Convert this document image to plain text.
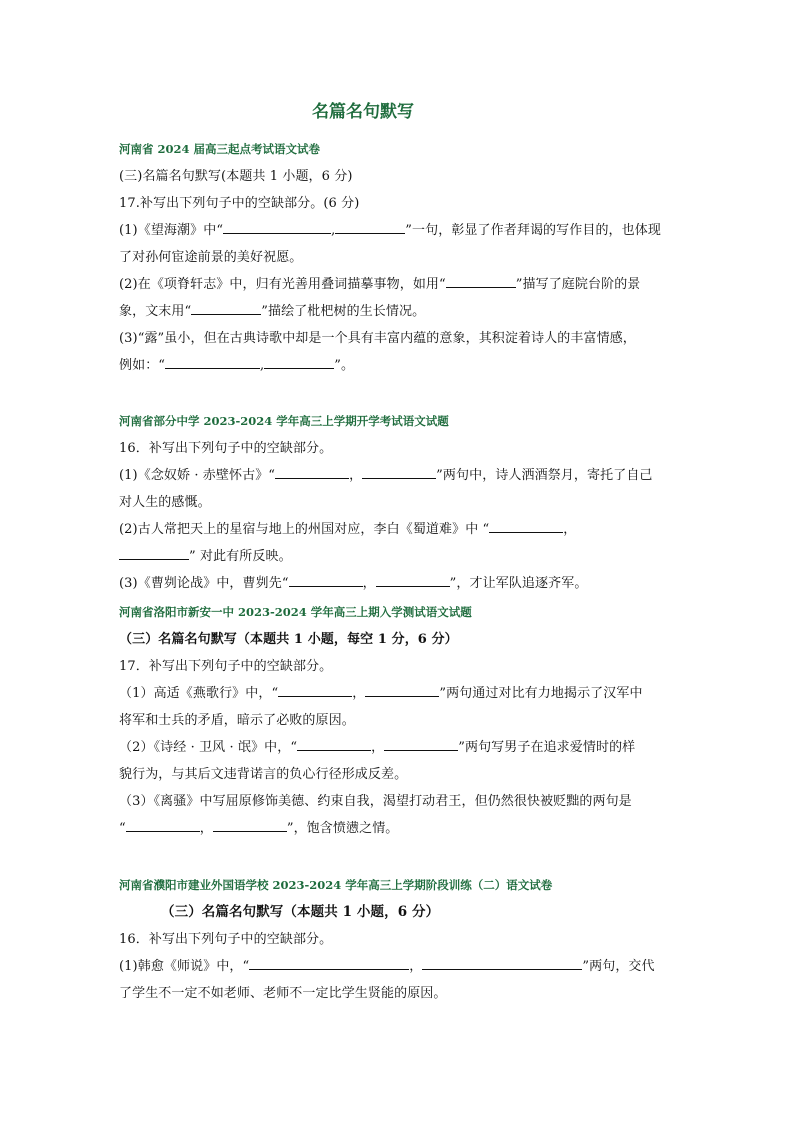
名篇名句默写

河南省 2024 届高三起点考试语文试卷

(三)名篇名句默写(本题共 1 小题，6 分)

17.补写出下列句子中的空缺部分。(6 分)

(1)《望海潮》中“	,	”一句，彰显了作者拜谒的写作目的，也体现

了对孙何宦途前景的美好祝愿。

(2)在《项脊轩志》中，归有光善用叠词描摹事物，如用“	”描写了庭院台阶的景

象，文末用“	”描绘了枇杷树的生长情况。

(3)“露”虽小，但在古典诗歌中却是一个具有丰富内蕴的意象，其积淀着诗人的丰富情感，

例如：“	,	”。

河南省部分中学 2023-2024 学年高三上学期开学考试语文试题

16．补写出下列句子中的空缺部分。

(1)《念奴娇 · 赤壁怀古》“	，	”两句中，诗人洒酒祭月，寄托了自己

对人生的感慨。

(2)古人常把天上的星宿与地上的州国对应，李白《蜀道难》中 “	，

” 对此有所反映。

(3)《曹刿论战》中，曹刿先“	，	”，才让军队追逐齐军。

河南省洛阳市新安一中 2023-2024 学年高三上期入学测试语文试题

（三）名篇名句默写（本题共 1 小题，每空 1 分，6 分）

17．补写出下列句子中的空缺部分。

（1）高适《燕歌行》中，“	，	”两句通过对比有力地揭示了汉军中

将军和士兵的矛盾，暗示了必败的原因。

（2）《诗经 · 卫风 · 氓》中，“	，	”两句写男子在追求爱情时的样

貌行为，与其后文违背诺言的负心行径形成反差。

（3）《离骚》中写屈原修饰美德、约束自我，渴望打动君王，但仍然很快被贬黜的两句是

“	，	”，饱含愤懑之情。

河南省濮阳市建业外国语学校 2023-2024 学年高三上学期阶段训练（二）语文试卷

（三）名篇名句默写（本题共 1 小题，6 分）

16．补写出下列句子中的空缺部分。

(1)韩愈《师说》中，“	，	”两句，交代

了学生不一定不如老师、老师不一定比学生贤能的原因。
